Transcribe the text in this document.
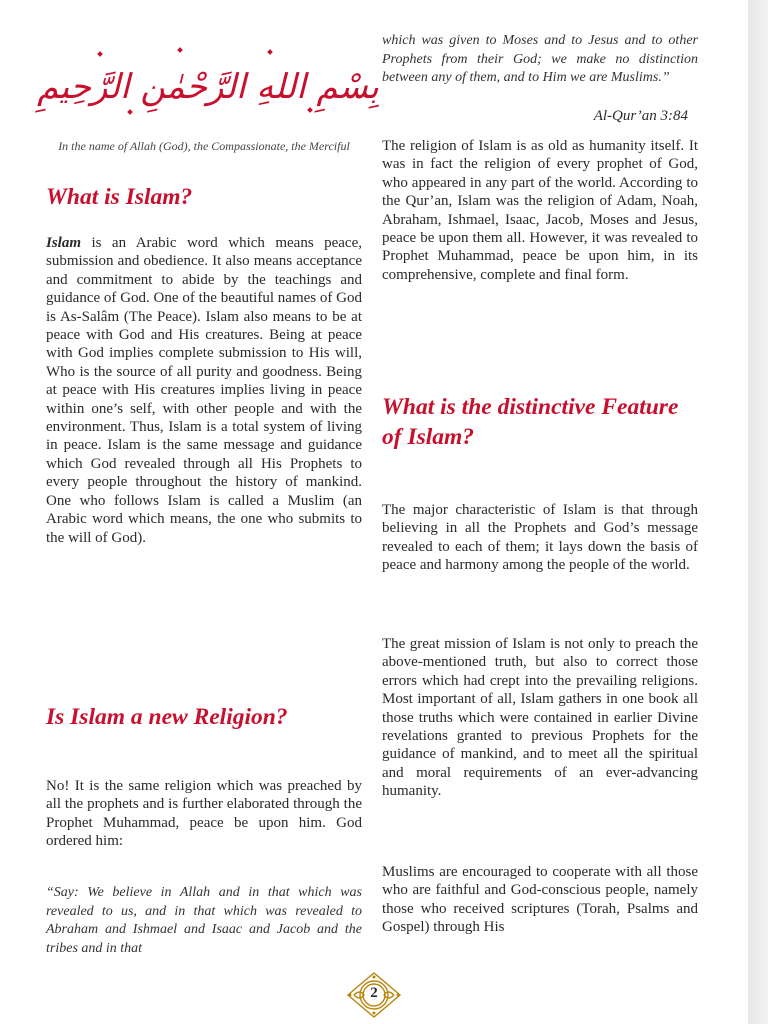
بِسْمِ اللهِ الرَّحْمٰنِ الرَّحِيمِ

In the name of Allah (God), the Compassionate, the Merciful

What is Islam?

Islam is an Arabic word which means peace, submission and obedience. It also means acceptance and commitment to abide by the teachings and guidance of God. One of the beautiful names of God is As-Salâm (The Peace). Islam also means to be at peace with God and His creatures. Being at peace with God implies complete submission to His will, Who is the source of all purity and goodness. Being at peace with His creatures implies living in peace within one’s self, with other people and with the environment. Thus, Islam is a total system of living in peace. Islam is the same message and guidance which God revealed through all His Prophets to every people throughout the history of mankind. One who follows Islam is called a Muslim (an Arabic word which means, the one who submits to the will of God).

Is Islam a new Religion?

No! It is the same religion which was preached by all the prophets and is further elaborated through the Prophet Muhammad, peace be upon him. God ordered him:

“Say: We believe in Allah and in that which was revealed to us, and in that which was revealed to Abraham and Ishmael and Isaac and Jacob and the tribes and in that

which was given to Moses and to Jesus and to other Prophets from their God; we make no distinction between any of them, and to Him we are Muslims.”

Al-Qur’an 3:84

The religion of Islam is as old as humanity itself. It was in fact the religion of every prophet of God, who appeared in any part of the world. According to the Qur’an, Islam was the religion of Adam, Noah, Abraham, Ishmael, Isaac, Jacob, Moses and Jesus, peace be upon them all. However, it was revealed to Prophet Muhammad, peace be upon him, in its comprehensive, complete and final form.

What is the distinctive Feature of Islam?

The major characteristic of Islam is that through believing in all the Prophets and God’s message revealed to each of them; it lays down the basis of peace and harmony among the people of the world.

The great mission of Islam is not only to preach the above-mentioned truth, but also to correct those errors which had crept into the prevailing religions. Most important of all, Islam gathers in one book all those truths which were contained in earlier Divine revelations granted to previous Prophets for the guidance of mankind, and to meet all the spiritual and moral requirements of an ever-advancing humanity.

Muslims are encouraged to cooperate with all those who are faithful and God-conscious people, namely those who received scriptures (Torah, Psalms and Gospel) through His

2
